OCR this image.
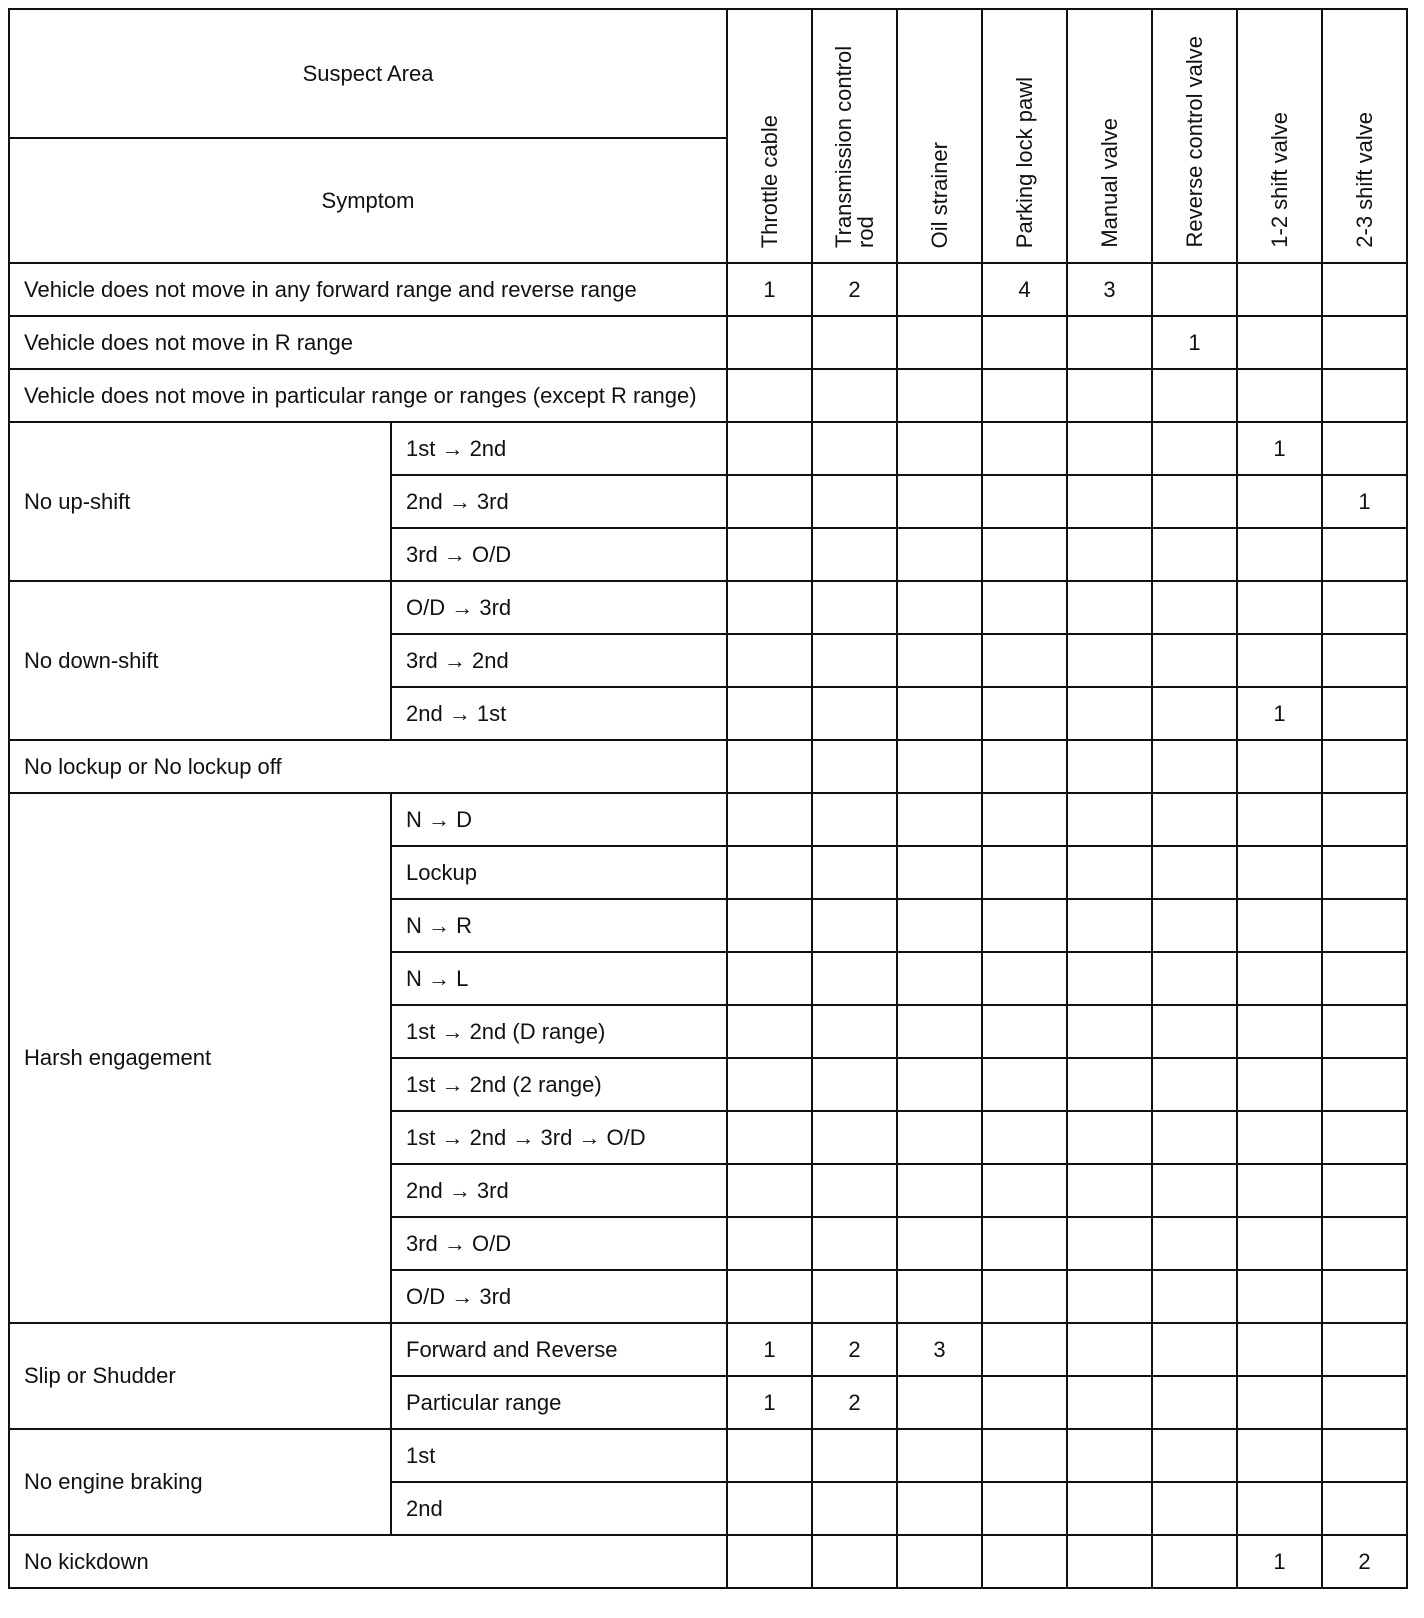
Suspect Area		Throttle cable	Transmission control rod	Oil strainer	Parking lock pawl	Manual valve	Reverse control valve	1-2 shift valve	2-3 shift valve
Symptom									
Vehicle does not move in any forward range and reverse range		1	2		4	3			
Vehicle does not move in R range							1		
Vehicle does not move in particular range or ranges (except R range)									
No up-shift	1st → 2nd							1	
	2nd → 3rd								1
	3rd → O/D								
No down-shift	O/D → 3rd								
	3rd → 2nd								
	2nd → 1st							1	
No lockup or No lockup off									
Harsh engagement	N → D								
	Lockup								
	N → R								
	N → L								
	1st → 2nd (D range)								
	1st → 2nd (2 range)								
	1st → 2nd → 3rd → O/D								
	2nd → 3rd								
	3rd → O/D								
	O/D → 3rd								
Slip or Shudder	Forward and Reverse	1	2	3					
	Particular range	1	2						
No engine braking	1st								
	2nd								
No kickdown								1	2
